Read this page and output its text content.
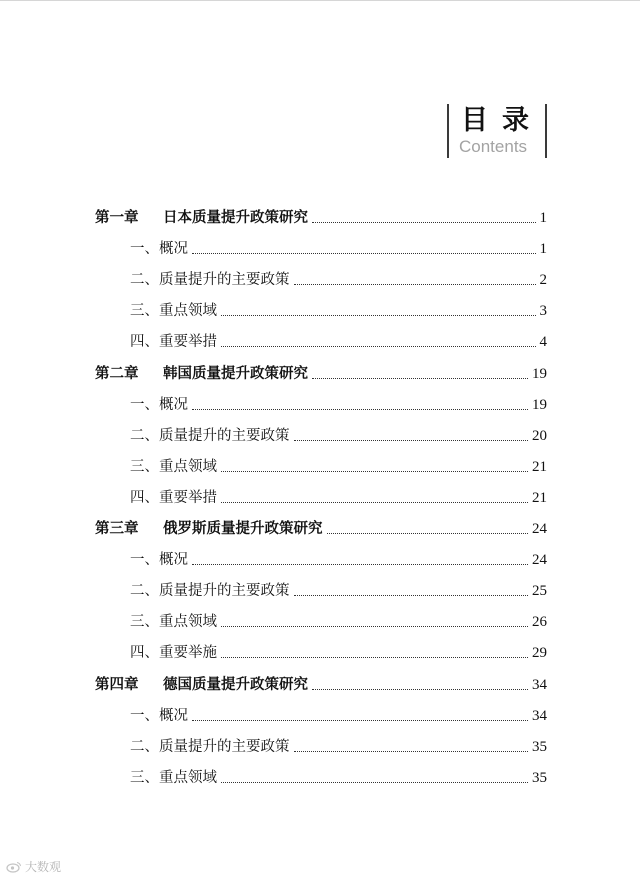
目录
Contents
第一章	日本质量提升政策研究	1
一、概况	1
二、质量提升的主要政策	2
三、重点领域	3
四、重要举措	4
第二章	韩国质量提升政策研究	19
一、概况	19
二、质量提升的主要政策	20
三、重点领域	21
四、重要举措	21
第三章	俄罗斯质量提升政策研究	24
一、概况	24
二、质量提升的主要政策	25
三、重点领域	26
四、重要举施	29
第四章	德国质量提升政策研究	34
一、概况	34
二、质量提升的主要政策	35
三、重点领域	35
大数观
